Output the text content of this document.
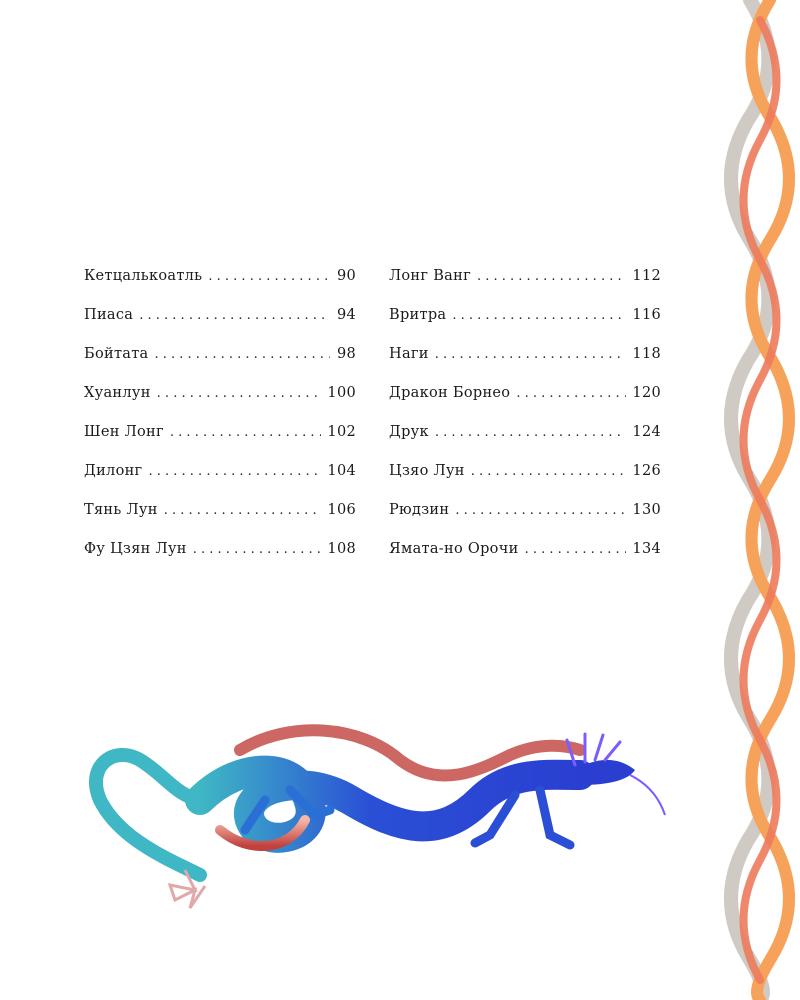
Кетцалькоатль . . .	90
Пиаса . . .	94
Бойтата . . .	98
Хуанлун . . .	100
Шен Лонг . . .	102
Дилонг . . .	104
Тянь Лун . . .	106
Фу Цзян Лун . . .	108
Лонг Ванг . . .	112
Вритра . . .	116
Наги . . .	118
Дракон Борнео . . .	120
Друк . . .	124
Цзяо Лун . . .	126
Рюдзин . . .	130
Ямата-но Орочи . . .	134
